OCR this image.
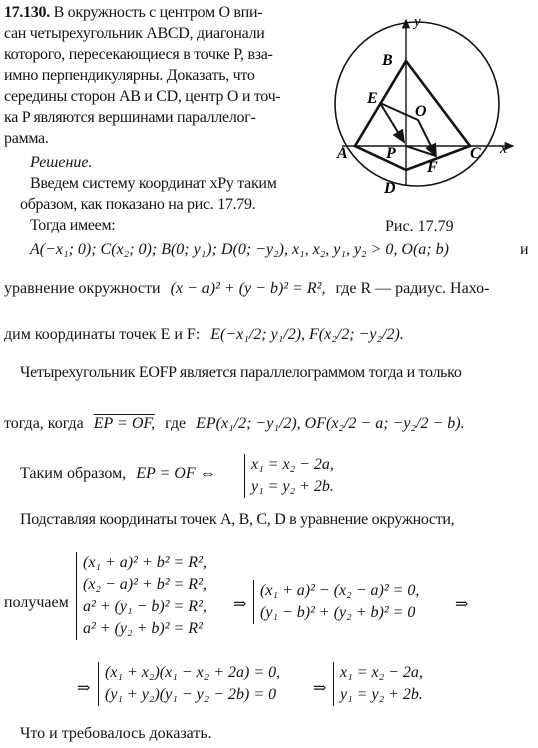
17.130. В окружность с центром O впи-
сан четырехугольник ABCD, диагонали
которого, пересекающиеся в точке P, вза-
имно перпендикулярны. Доказать, что
середины сторон AB и CD, центр O и точ-
ка P являются вершинами параллелог-
рамма.
Решение.
Введем систему координат xPy таким
образом, как показано на рис. 17.79.
Тогда имеем:
y
x
B
E
O
A P
F
C
D
Рис. 17.79
A(−x₁; 0); C(x₂; 0); B(0; y₁); D(0; −y₂), x₁, x₂, y₁, y₂ > 0, O(a; b)	и
уравнение окружности (x − a)² + (y − b)² = R², где R — радиус. Нахо-
дим координаты точек E и F: E(−x₁/2; y₁/2), F(x₂/2; −y₂/2).
Четырехугольник EOFP является параллелограммом тогда и только
тогда, когда EP = OF, где EP(x₁/2; −y₁/2), OF(x₂/2 − a; −y₂/2 − b).
Таким образом, EP = OF ⇔
x₁ = x₂ − 2a,
y₁ = y₂ + 2b.
Подставляя координаты точек A, B, C, D в уравнение окружности,
получаем
(x₁ + a)² + b² = R²,
(x₂ − a)² + b² = R²,
a² + (y₁ − b)² = R²,
a² + (y₂ + b)² = R²
⇒
(x₁ + a)² − (x₂ − a)² = 0,
(y₁ − b)² + (y₂ + b)² = 0 ⇒
⇒
(x₁ + x₂)(x₁ − x₂ + 2a) = 0,
(y₁ + y₂)(y₁ − y₂ − 2b) = 0 ⇒
x₁ = x₂ − 2a,
y₁ = y₂ + 2b.
Что и требовалось доказать.
